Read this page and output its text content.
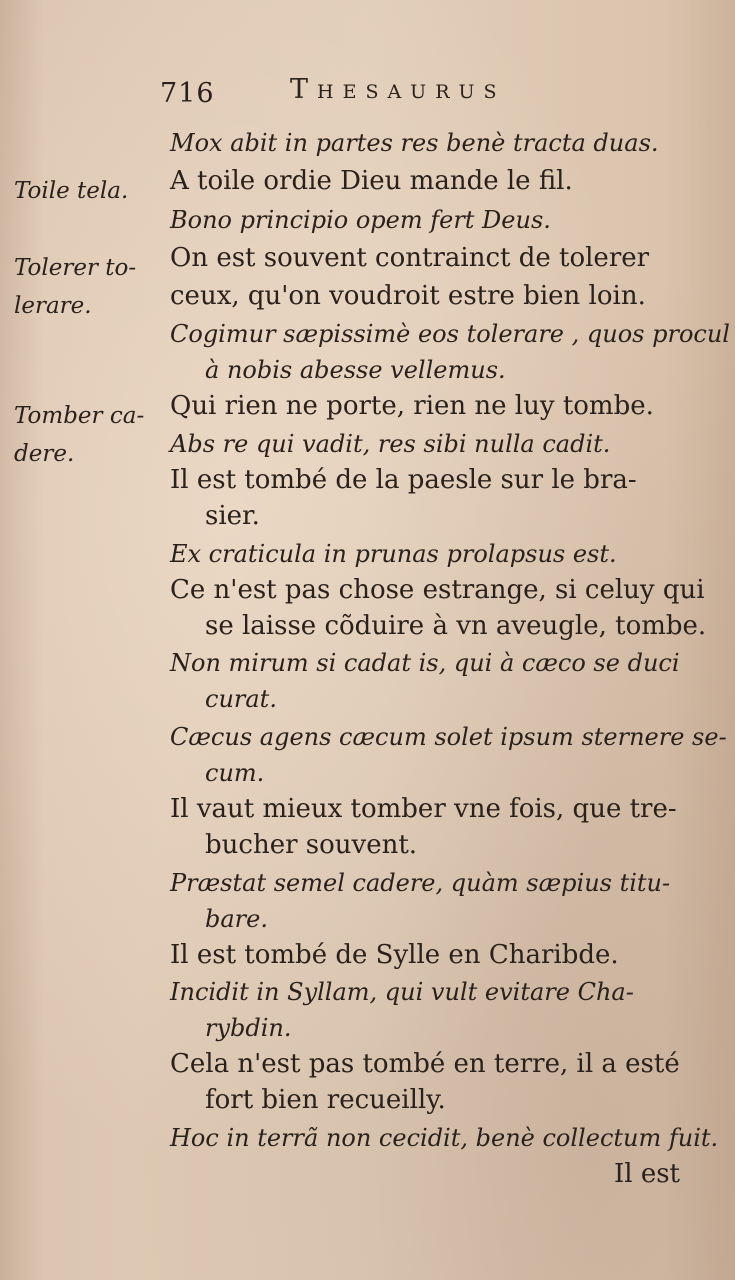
716	Thesaurus
Toile tela.
Tolerer to-
lerare.
Tomber ca-
dere.
Mox abit in partes res benè tracta duas.
A toile ordie Dieu mande le fil.
Bono principio opem fert Deus.
On est souvent contrainct de tolerer
ceux, qu'on voudroit estre bien loin.
Cogimur sæpissimè eos tolerare , quos procul
à nobis abesse vellemus.
Qui rien ne porte, rien ne luy tombe.
Abs re qui vadit, res sibi nulla cadit.
Il est tombé de la paesle sur le bra-
sier.
Ex craticula in prunas prolapsus est.
Ce n'est pas chose estrange, si celuy qui
se laisse cõduire à vn aveugle, tombe.
Non mirum si cadat is, qui à cæco se duci
curat.
Cæcus agens cæcum solet ipsum sternere se-
cum.
Il vaut mieux tomber vne fois, que tre-
bucher souvent.
Præstat semel cadere, quàm sæpius titu-
bare.
Il est tombé de Sylle en Charibde.
Incidit in Syllam, qui vult evitare Cha-
rybdin.
Cela n'est pas tombé en terre, il a esté
fort bien recueilly.
Hoc in terrã non cecidit, benè collectum fuit.
Il est
